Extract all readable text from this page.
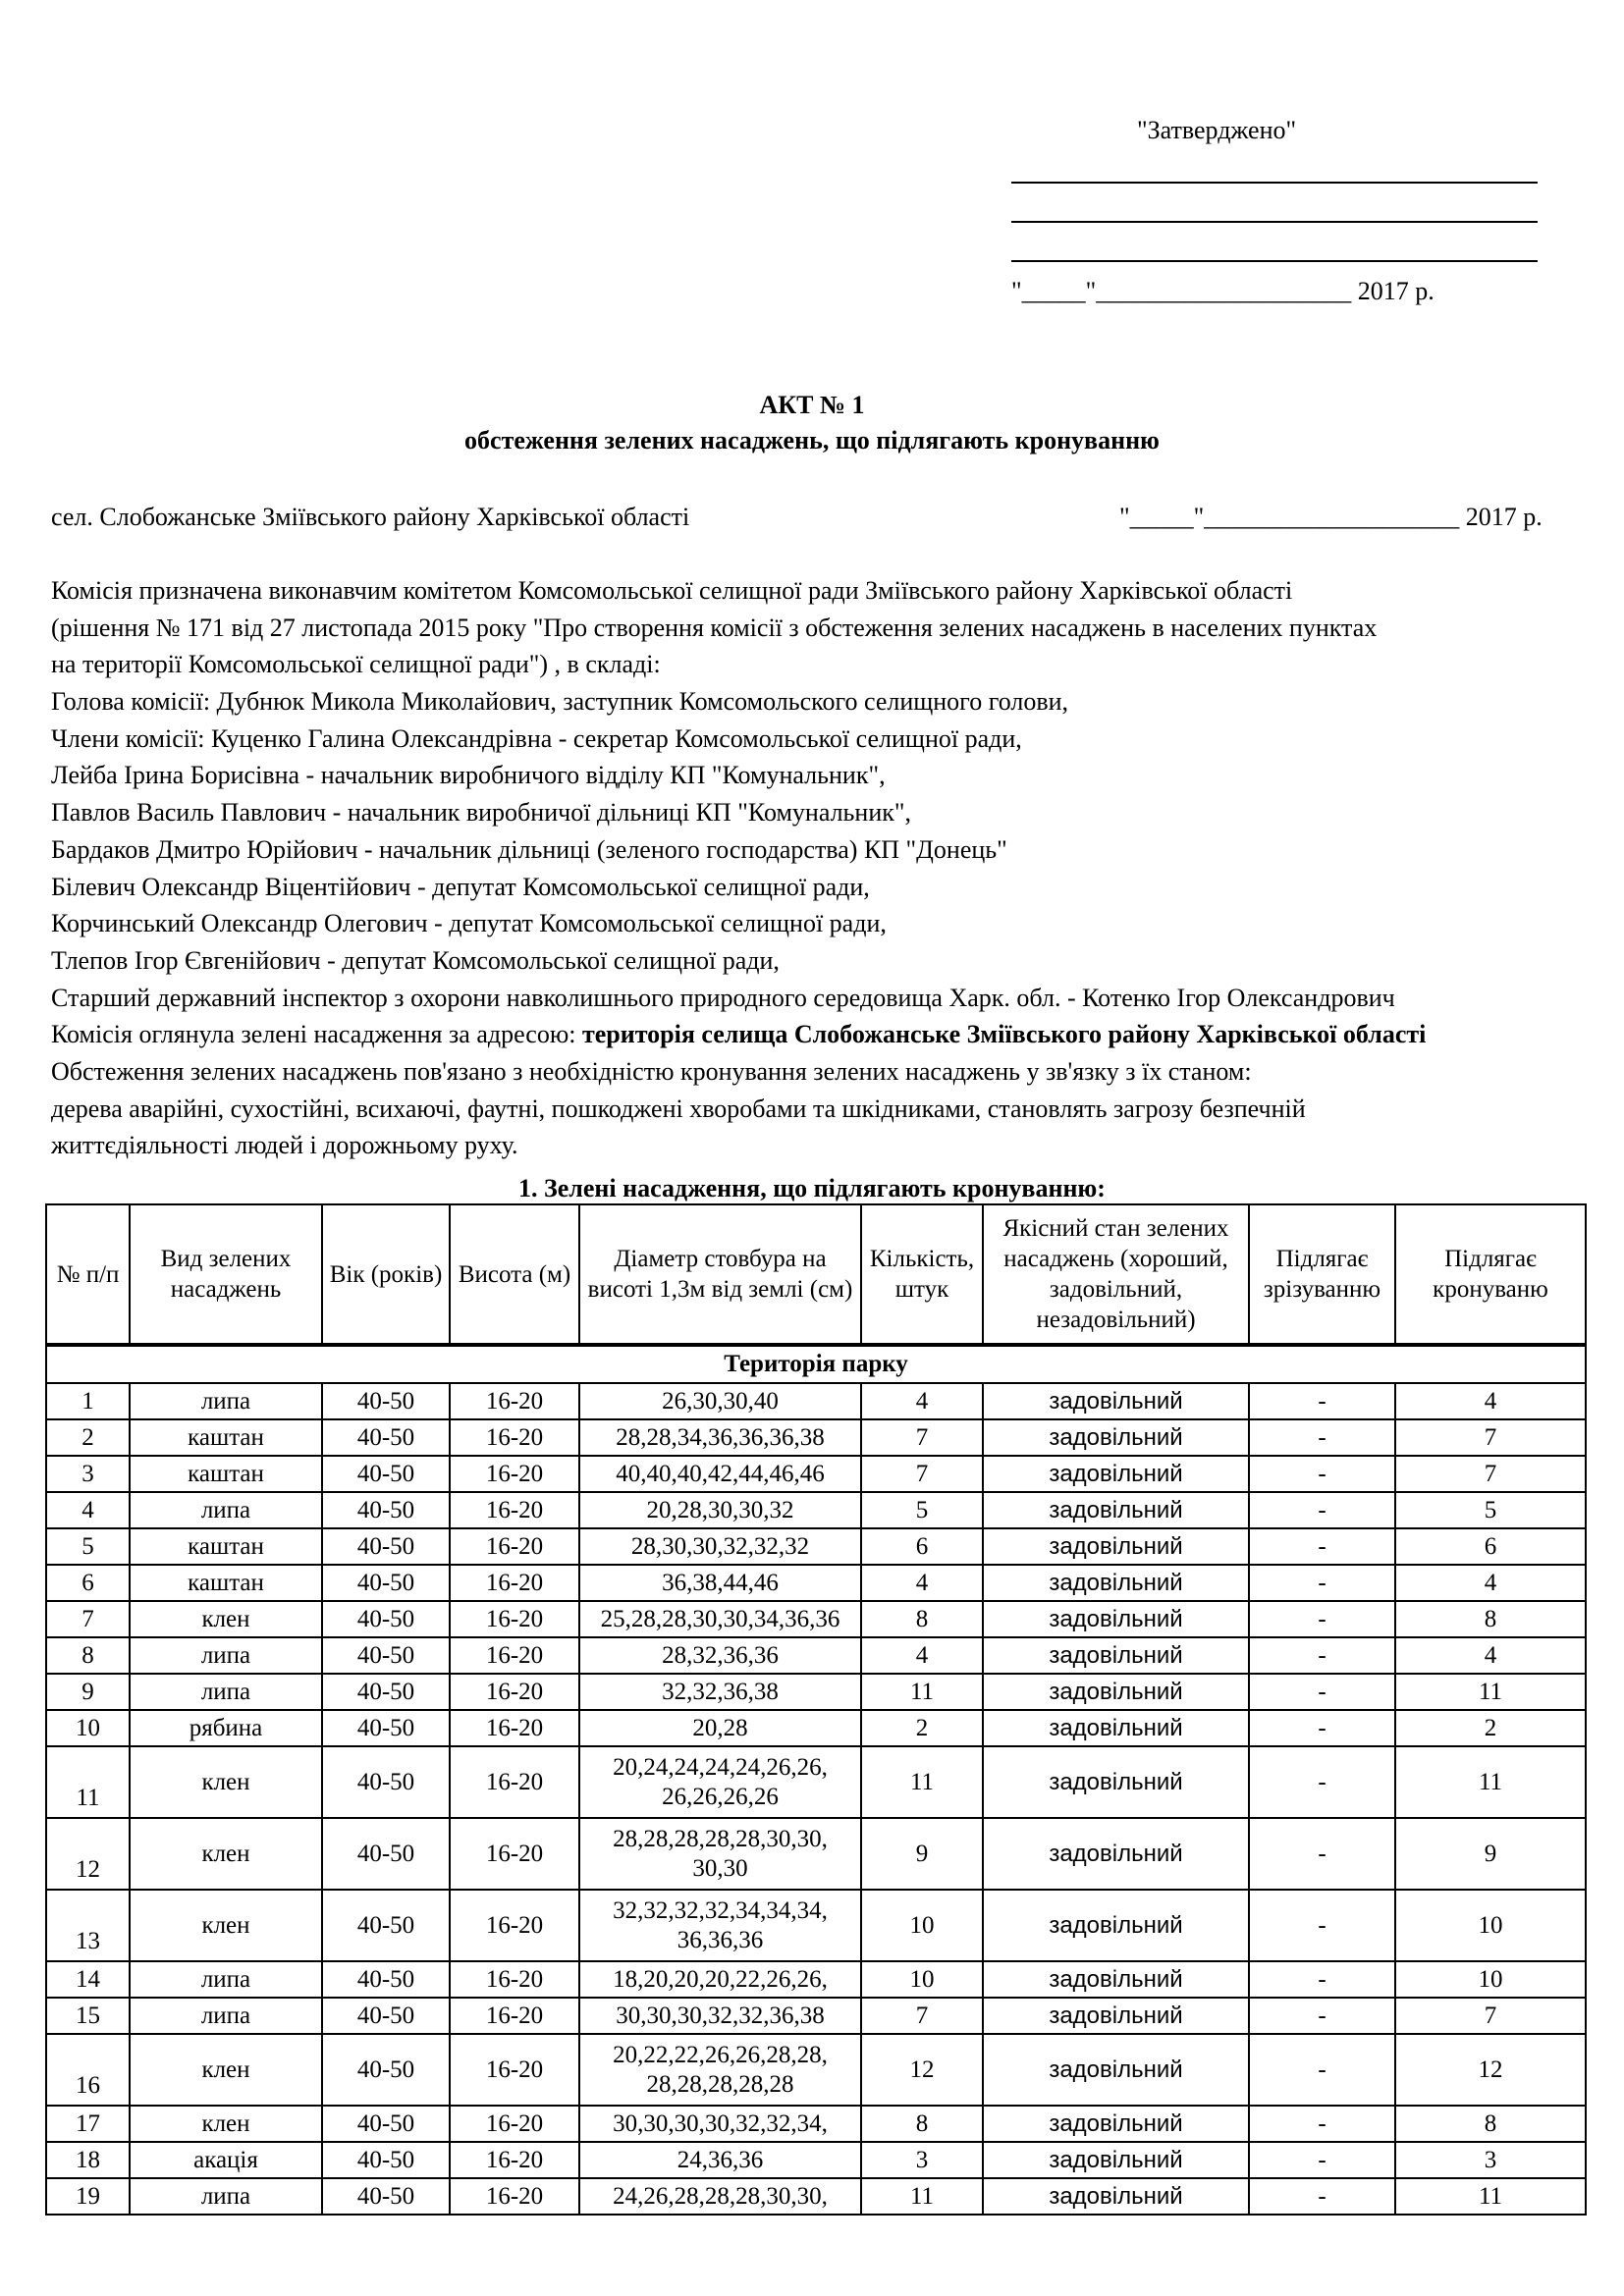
"Затверджено"
"_____"____________________ 2017 р.
АКТ № 1
обстеження зелених насаджень, що підлягають кронуванню
сел. Слобожанське Зміївського району Харківської області	"_____"____________________ 2017 р.
Комісія призначена виконавчим комітетом Комсомольської селищної ради Зміївського району Харківської області
(рішення № 171 від 27 листопада 2015 року "Про створення комісії з обстеження зелених насаджень в населених пунктах
на території Комсомольської селищної ради") , в складі:
Голова комісії: Дубнюк Микола Миколайович, заступник Комсомольского селищного голови,
Члени комісії: Куценко Галина Олександрівна - секретар Комсомольської селищної ради,
Лейба Ірина Борисівна - начальник виробничого відділу КП "Комунальник",
Павлов Василь Павлович - начальник виробничої дільниці КП "Комунальник",
Бардаков Дмитро Юрійович - начальник дільниці (зеленого господарства) КП "Донець"
Білевич Олександр Віцентійович - депутат Комсомольської селищної ради,
Корчинський Олександр Олегович - депутат Комсомольської селищної ради,
Тлепов Ігор Євгенійович - депутат Комсомольської селищної ради,
Старший державний інспектор з охорони навколишнього природного середовища Харк. обл. - Котенко Ігор Олександрович
Комісія оглянула зелені насадження за адресою: територія селища Слобожанське Зміївського району Харківської області
Обстеження зелених насаджень пов'язано з необхідністю кронування зелених насаджень у зв'язку з їх станом:
дерева аварійні, сухостійні, всихаючі, фаутні, пошкоджені хворобами та шкідниками, становлять загрозу безпечній
життєдіяльності людей і дорожньому руху.
1. Зелені насадження, що підлягають кронуванню:
№ п/п	Вид зелених насаджень	Вік (років)	Висота (м)	Діаметр стовбура на висоті 1,3м від землі (см)	Кількість, штук	Якісний стан зелених насаджень (хороший, задовільний, незадовільний)	Підлягає зрізуванню	Підлягає кронуваню
Територія парку								
1	липа	40-50	16-20	26,30,30,40	4	задовільний	-	4
2	каштан	40-50	16-20	28,28,34,36,36,36,38	7	задовільний	-	7
3	каштан	40-50	16-20	40,40,40,42,44,46,46	7	задовільний	-	7
4	липа	40-50	16-20	20,28,30,30,32	5	задовільний	-	5
5	каштан	40-50	16-20	28,30,30,32,32,32	6	задовільний	-	6
6	каштан	40-50	16-20	36,38,44,46	4	задовільний	-	4
7	клен	40-50	16-20	25,28,28,30,30,34,36,36	8	задовільний	-	8
8	липа	40-50	16-20	28,32,36,36	4	задовільний	-	4
9	липа	40-50	16-20	32,32,36,38	11	задовільний	-	11
10	рябина	40-50	16-20	20,28	2	задовільний	-	2
11	клен	40-50	16-20	20,24,24,24,24,26,26,
26,26,26,26	11	задовільний	-	11
12	клен	40-50	16-20	28,28,28,28,28,30,30,
30,30	9	задовільний	-	9
13	клен	40-50	16-20	32,32,32,32,34,34,34,
36,36,36	10	задовільний	-	10
14	липа	40-50	16-20	18,20,20,20,22,26,26,	10	задовільний	-	10
15	липа	40-50	16-20	30,30,30,32,32,36,38	7	задовільний	-	7
16	клен	40-50	16-20	20,22,22,26,26,28,28,
28,28,28,28,28	12	задовільний	-	12
17	клен	40-50	16-20	30,30,30,30,32,32,34,	8	задовільний	-	8
18	акація	40-50	16-20	24,36,36	3	задовільний	-	3
19	липа	40-50	16-20	24,26,28,28,28,30,30,	11	задовільний	-	11
